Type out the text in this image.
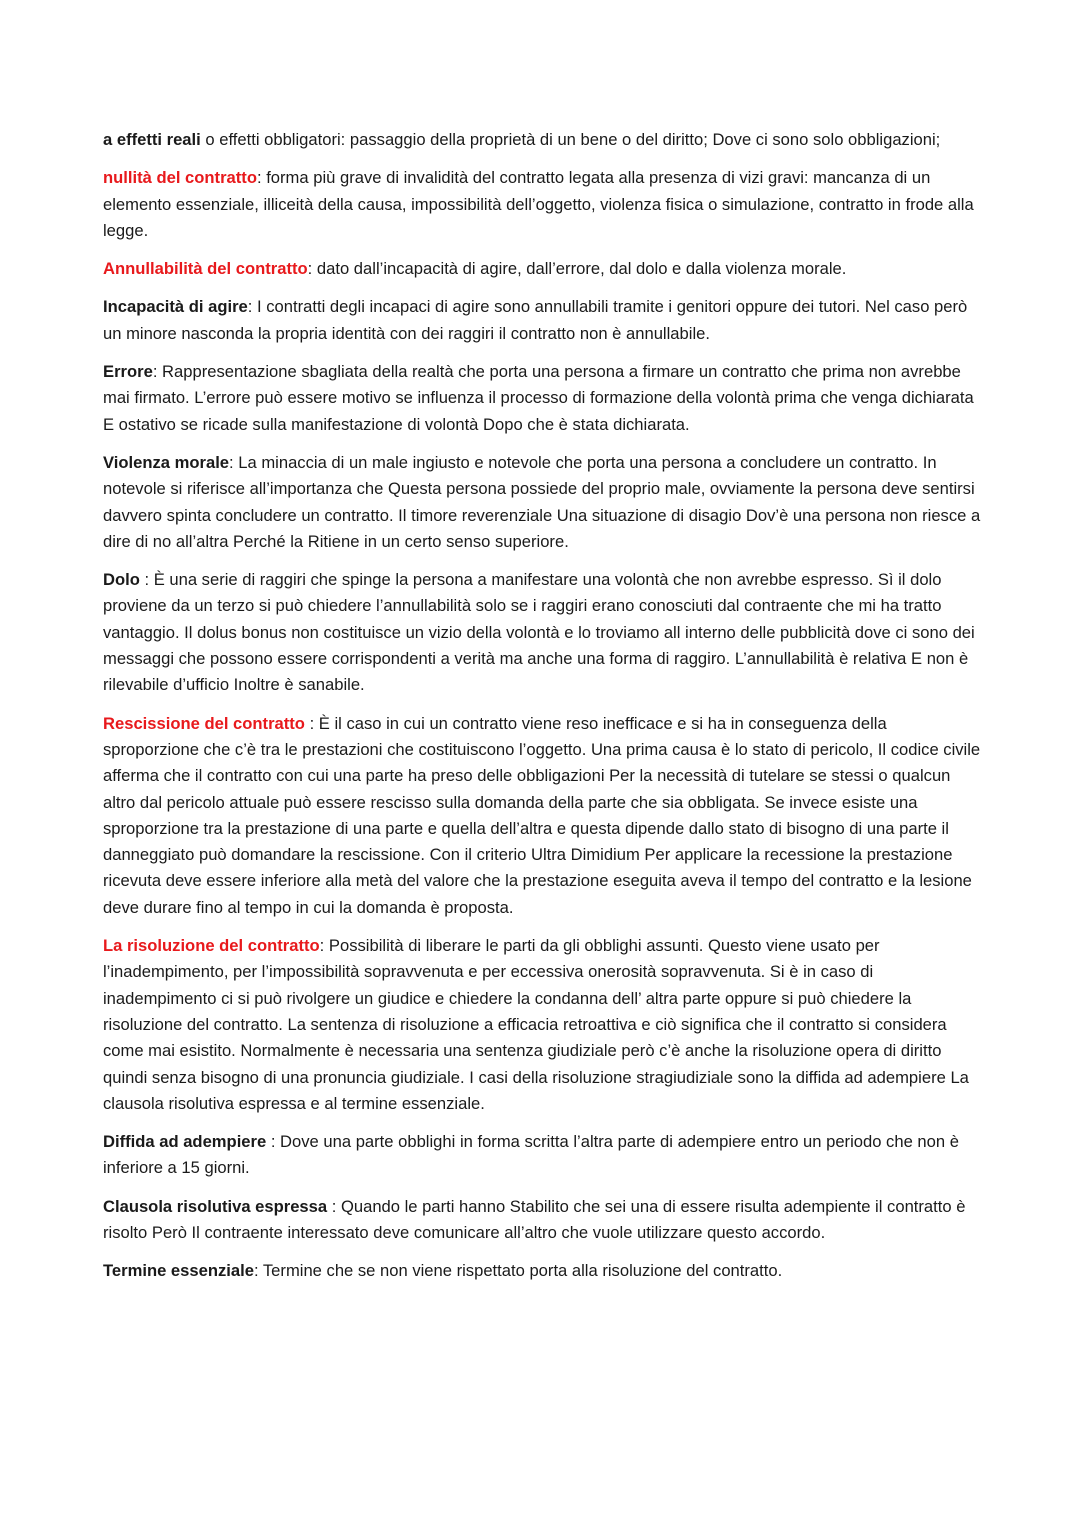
a effetti reali o effetti obbligatori: passaggio della proprietà di un bene o del diritto; Dove ci sono solo obbligazioni;

nullità del contratto: forma più grave di invalidità del contratto legata alla presenza di vizi gravi: mancanza di un elemento essenziale, illiceità della causa, impossibilità dell’oggetto, violenza fisica o simulazione, contratto in frode alla legge.

Annullabilità del contratto: dato dall’incapacità di agire, dall’errore, dal dolo e dalla violenza morale.

Incapacità di agire: I contratti degli incapaci di agire sono annullabili tramite i genitori oppure dei tutori. Nel caso però un minore nasconda la propria identità con dei raggiri il contratto non è annullabile.

Errore: Rappresentazione sbagliata della realtà che porta una persona a firmare un contratto che prima non avrebbe mai firmato. L’errore può essere motivo se influenza il processo di formazione della volontà prima che venga dichiarata E ostativo se ricade sulla manifestazione di volontà Dopo che è stata dichiarata.

Violenza morale: La minaccia di un male ingiusto e notevole che porta una persona a concludere un contratto. In notevole si riferisce all’importanza che Questa persona possiede del proprio male, ovviamente la persona deve sentirsi davvero spinta concludere un contratto. Il timore reverenziale Una situazione di disagio Dov’è una persona non riesce a dire di no all’altra Perché la Ritiene in un certo senso superiore.

Dolo : È una serie di raggiri che spinge la persona a manifestare una volontà che non avrebbe espresso. Sì il dolo proviene da un terzo si può chiedere l’annullabilità solo se i raggiri erano conosciuti dal contraente che mi ha tratto vantaggio. Il dolus bonus non costituisce un vizio della volontà e lo troviamo all interno delle pubblicità dove ci sono dei messaggi che possono essere corrispondenti a verità ma anche una forma di raggiro. L’annullabilità è relativa E non è rilevabile d’ufficio Inoltre è sanabile.

Rescissione del contratto : È il caso in cui un contratto viene reso inefficace e si ha in conseguenza della sproporzione che c’è tra le prestazioni che costituiscono l’oggetto. Una prima causa è lo stato di pericolo, Il codice civile afferma che il contratto con cui una parte ha preso delle obbligazioni Per la necessità di tutelare se stessi o qualcun altro dal pericolo attuale può essere rescisso sulla domanda della parte che sia obbligata. Se invece esiste una sproporzione tra la prestazione di una parte e quella dell’altra e questa dipende dallo stato di bisogno di una parte il danneggiato può domandare la rescissione. Con il criterio Ultra Dimidium Per applicare la recessione la prestazione ricevuta deve essere inferiore alla metà del valore che la prestazione eseguita aveva il tempo del contratto e la lesione deve durare fino al tempo in cui la domanda è proposta.

La risoluzione del contratto: Possibilità di liberare le parti da gli obblighi assunti. Questo viene usato per l’inadempimento, per l’impossibilità sopravvenuta e per eccessiva onerosità sopravvenuta. Si è in caso di inadempimento ci si può rivolgere un giudice e chiedere la condanna dell’ altra parte oppure si può chiedere la risoluzione del contratto. La sentenza di risoluzione a efficacia retroattiva e ciò significa che il contratto si considera come mai esistito. Normalmente è necessaria una sentenza giudiziale però c’è anche la risoluzione opera di diritto quindi senza bisogno di una pronuncia giudiziale. I casi della risoluzione stragiudiziale sono la diffida ad adempiere La clausola risolutiva espressa e al termine essenziale.

Diffida ad adempiere : Dove una parte obblighi in forma scritta l’altra parte di adempiere entro un periodo che non è inferiore a 15 giorni.

Clausola risolutiva espressa : Quando le parti hanno Stabilito che sei una di essere risulta adempiente il contratto è risolto Però Il contraente interessato deve comunicare all’altro che vuole utilizzare questo accordo.

Termine essenziale: Termine che se non viene rispettato porta alla risoluzione del contratto.
